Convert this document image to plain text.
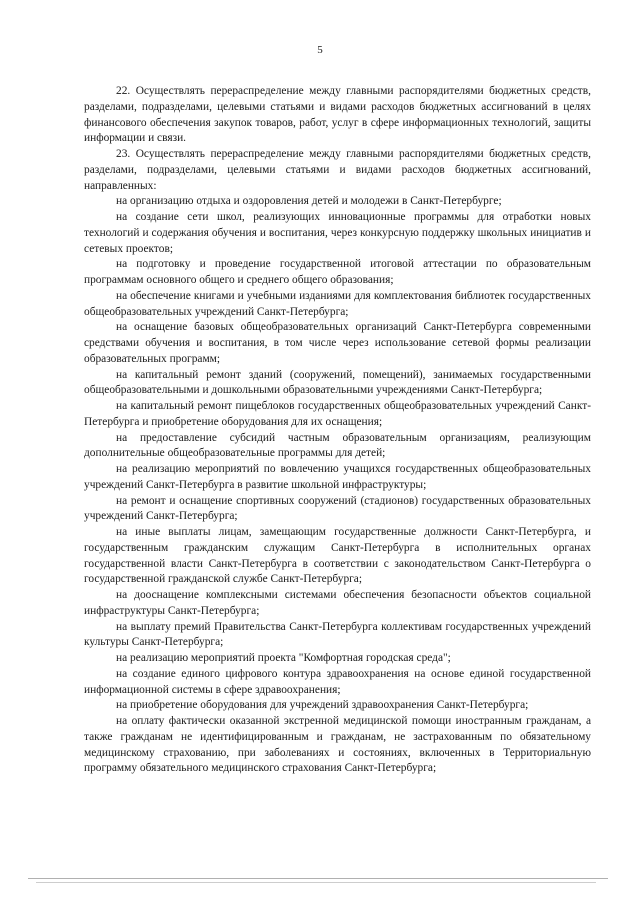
5

22. Осуществлять перераспределение между главными распорядителями бюджетных средств, разделами, подразделами, целевыми статьями и видами расходов бюджетных ассигнований в целях финансового обеспечения закупок товаров, работ, услуг в сфере информационных технологий, защиты информации и связи.

23. Осуществлять перераспределение между главными распорядителями бюджетных средств, разделами, подразделами, целевыми статьями и видами расходов бюджетных ассигнований, направленных:

на организацию отдыха и оздоровления детей и молодежи в Санкт-Петербурге;

на создание сети школ, реализующих инновационные программы для отработки новых технологий и содержания обучения и воспитания, через конкурсную поддержку школьных инициатив и сетевых проектов;

на подготовку и проведение государственной итоговой аттестации по образовательным программам основного общего и среднего общего образования;

на обеспечение книгами и учебными изданиями для комплектования библиотек государственных общеобразовательных учреждений Санкт-Петербурга;

на оснащение базовых общеобразовательных организаций Санкт-Петербурга современными средствами обучения и воспитания, в том числе через использование сетевой формы реализации образовательных программ;

на капитальный ремонт зданий (сооружений, помещений), занимаемых государственными общеобразовательными и дошкольными образовательными учреждениями Санкт-Петербурга;

на капитальный ремонт пищеблоков государственных общеобразовательных учреждений Санкт-Петербурга и приобретение оборудования для их оснащения;

на предоставление субсидий частным образовательным организациям, реализующим дополнительные общеобразовательные программы для детей;

на реализацию мероприятий по вовлечению учащихся государственных общеобразовательных учреждений Санкт-Петербурга в развитие школьной инфраструктуры;

на ремонт и оснащение спортивных сооружений (стадионов) государственных образовательных учреждений Санкт-Петербурга;

на иные выплаты лицам, замещающим государственные должности Санкт-Петербурга, и государственным гражданским служащим Санкт-Петербурга в исполнительных органах государственной власти Санкт-Петербурга в соответствии с законодательством Санкт-Петербурга о государственной гражданской службе Санкт-Петербурга;

на дооснащение комплексными системами обеспечения безопасности объектов социальной инфраструктуры Санкт-Петербурга;

на выплату премий Правительства Санкт-Петербурга коллективам государственных учреждений культуры Санкт-Петербурга;

на реализацию мероприятий проекта "Комфортная городская среда";

на создание единого цифрового контура здравоохранения на основе единой государственной информационной системы в сфере здравоохранения;

на приобретение оборудования для учреждений здравоохранения Санкт-Петербурга;

на оплату фактически оказанной экстренной медицинской помощи иностранным гражданам, а также гражданам не идентифицированным и гражданам, не застрахованным по обязательному медицинскому страхованию, при заболеваниях и состояниях, включенных в Территориальную программу обязательного медицинского страхования Санкт-Петербурга;
